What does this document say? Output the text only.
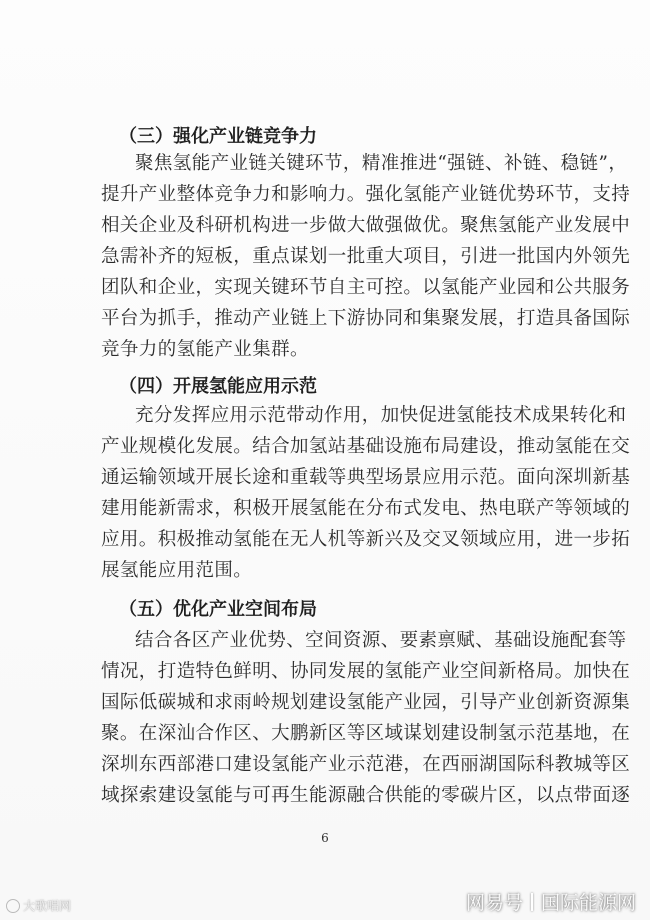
（三）强化产业链竞争力
聚焦氢能产业链关键环节，精准推进“强链、补链、稳链”，
提升产业整体竞争力和影响力。强化氢能产业链优势环节，支持
相关企业及科研机构进一步做大做强做优。聚焦氢能产业发展中
急需补齐的短板，重点谋划一批重大项目，引进一批国内外领先
团队和企业，实现关键环节自主可控。以氢能产业园和公共服务
平台为抓手，推动产业链上下游协同和集聚发展，打造具备国际
竞争力的氢能产业集群。
（四）开展氢能应用示范
充分发挥应用示范带动作用，加快促进氢能技术成果转化和
产业规模化发展。结合加氢站基础设施布局建设，推动氢能在交
通运输领域开展长途和重载等典型场景应用示范。面向深圳新基
建用能新需求，积极开展氢能在分布式发电、热电联产等领域的
应用。积极推动氢能在无人机等新兴及交叉领域应用，进一步拓
展氢能应用范围。
（五）优化产业空间布局
结合各区产业优势、空间资源、要素禀赋、基础设施配套等
情况，打造特色鲜明、协同发展的氢能产业空间新格局。加快在
国际低碳城和求雨岭规划建设氢能产业园，引导产业创新资源集
聚。在深汕合作区、大鹏新区等区域谋划建设制氢示范基地，在
深圳东西部港口建设氢能产业示范港，在西丽湖国际科教城等区
域探索建设氢能与可再生能源融合供能的零碳片区，以点带面逐
6
大歌唱网	网易号 国际能源网
